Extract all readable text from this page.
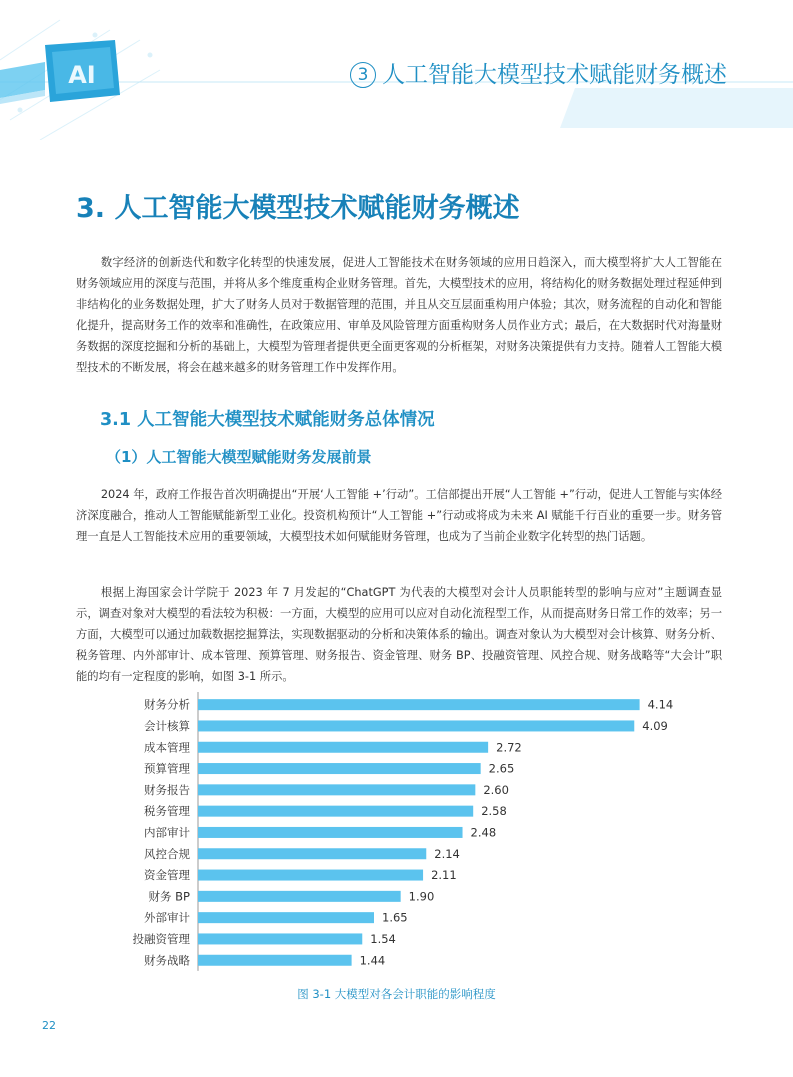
AI	3 人工智能大模型技术赋能财务概述
3. 人工智能大模型技术赋能财务概述

数字经济的创新迭代和数字化转型的快速发展，促进人工智能技术在财务领域的应用日趋深入，而大模型将扩大人工智能在财务领域应用的深度与范围，并将从多个维度重构企业财务管理。首先，大模型技术的应用，将结构化的财务数据处理过程延伸到非结构化的业务数据处理，扩大了财务人员对于数据管理的范围，并且从交互层面重构用户体验；其次，财务流程的自动化和智能化提升，提高财务工作的效率和准确性，在政策应用、审单及风险管理方面重构财务人员作业方式；最后，在大数据时代对海量财务数据的深度挖掘和分析的基础上，大模型为管理者提供更全面更客观的分析框架，对财务决策提供有力支持。随着人工智能大模型技术的不断发展，将会在越来越多的财务管理工作中发挥作用。

3.1 人工智能大模型技术赋能财务总体情况
（1）人工智能大模型赋能财务发展前景

2024 年，政府工作报告首次明确提出“开展‘人工智能 +’行动”。工信部提出开展“人工智能 +”行动，促进人工智能与实体经济深度融合，推动人工智能赋能新型工业化。投资机构预计“人工智能 +”行动或将成为未来 AI 赋能千行百业的重要一步。财务管理一直是人工智能技术应用的重要领域，大模型技术如何赋能财务管理，也成为了当前企业数字化转型的热门话题。

根据上海国家会计学院于 2023 年 7 月发起的“ChatGPT 为代表的大模型对会计人员职能转型的影响与应对”主题调查显示，调查对象对大模型的看法较为积极：一方面，大模型的应用可以应对自动化流程型工作，从而提高财务日常工作的效率；另一方面，大模型可以通过加载数据挖掘算法，实现数据驱动的分析和决策体系的输出。调查对象认为大模型对会计核算、财务分析、税务管理、内外部审计、成本管理、预算管理、财务报告、资金管理、财务 BP、投融资管理、风控合规、财务战略等“大会计”职能的均有一定程度的影响，如图 3-1 所示。

财务分析	4.14
会计核算	4.09
成本管理	2.72
预算管理	2.65
财务报告	2.60
税务管理	2.58
内部审计	2.48
风控合规	2.14
资金管理	2.11
财务 BP	1.90
外部审计	1.65
投融资管理	1.54
财务战略	1.44
图 3-1 大模型对各会计职能的影响程度
22
